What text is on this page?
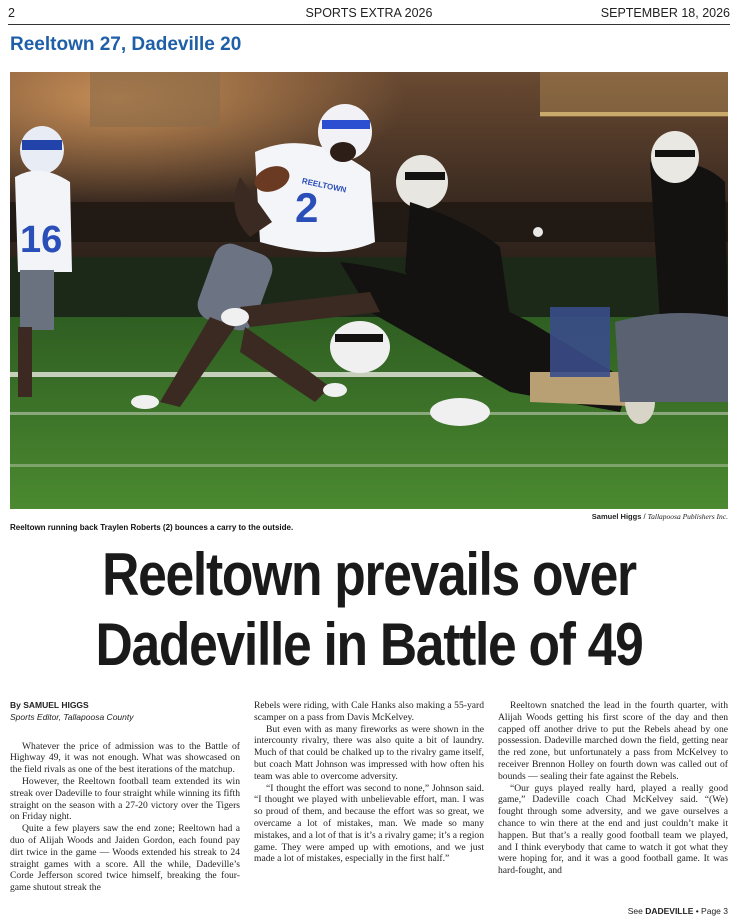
2	SPORTS EXTRA 2026	SEPTEMBER 18, 2026
Reeltown 27, Dadeville 20
16
2
REELTOWN
Samuel Higgs / Tallapoosa Publishers Inc.
Reeltown running back Traylen Roberts (2) bounces a carry to the outside.
Reeltown prevails over
Dadeville in Battle of 49

By SAMUEL HIGGS

Sports Editor, Tallapoosa County

Whatever the price of admission was to the Battle of Highway 49, it was not enough. What was showcased on the field rivals as one of the best iterations of the matchup.

However, the Reeltown football team extended its win streak over Dadeville to four straight while winning its fifth straight on the season with a 27-20 victory over the Tigers on Friday night.

Quite a few players saw the end zone; Reeltown had a duo of Alijah Woods and Jaiden Gordon, each found pay dirt twice in the game — Woods extended his streak to 24 straight games with a score. All the while, Dadeville’s Corde Jefferson scored twice himself, breaking the four-game shutout streak the

Rebels were riding, with Cale Hanks also making a 55-yard scamper on a pass from Davis McKelvey.

But even with as many fireworks as were shown in the intercounty rivalry, there was also quite a bit of laundry. Much of that could be chalked up to the rivalry game itself, but coach Matt Johnson was impressed with how often his team was able to overcome adversity.

“I thought the effort was second to none,” Johnson said. “I thought we played with unbelievable effort, man. I was so proud of them, and because the effort was so great, we overcame a lot of mistakes, man. We made so many mistakes, and a lot of that is it’s a rivalry game; it’s a region game. They were amped up with emotions, and we just made a lot of mistakes, especially in the first half.”

Reeltown snatched the lead in the fourth quarter, with Alijah Woods getting his first score of the day and then capped off another drive to put the Rebels ahead by one possession. Dadeville marched down the field, getting near the red zone, but unfortunately a pass from McKelvey to receiver Brennon Holley on fourth down was called out of bounds — sealing their fate against the Rebels.

“Our guys played really hard, played a really good game,” Dadeville coach Chad McKelvey said. “(We) fought through some adversity, and we gave ourselves a chance to win there at the end and just couldn’t make it happen. But that’s a really good football team we played, and I think everybody that came to watch it got what they were hoping for, and it was a good football game. It was hard-fought, and

See DADEVILLE • Page 3
